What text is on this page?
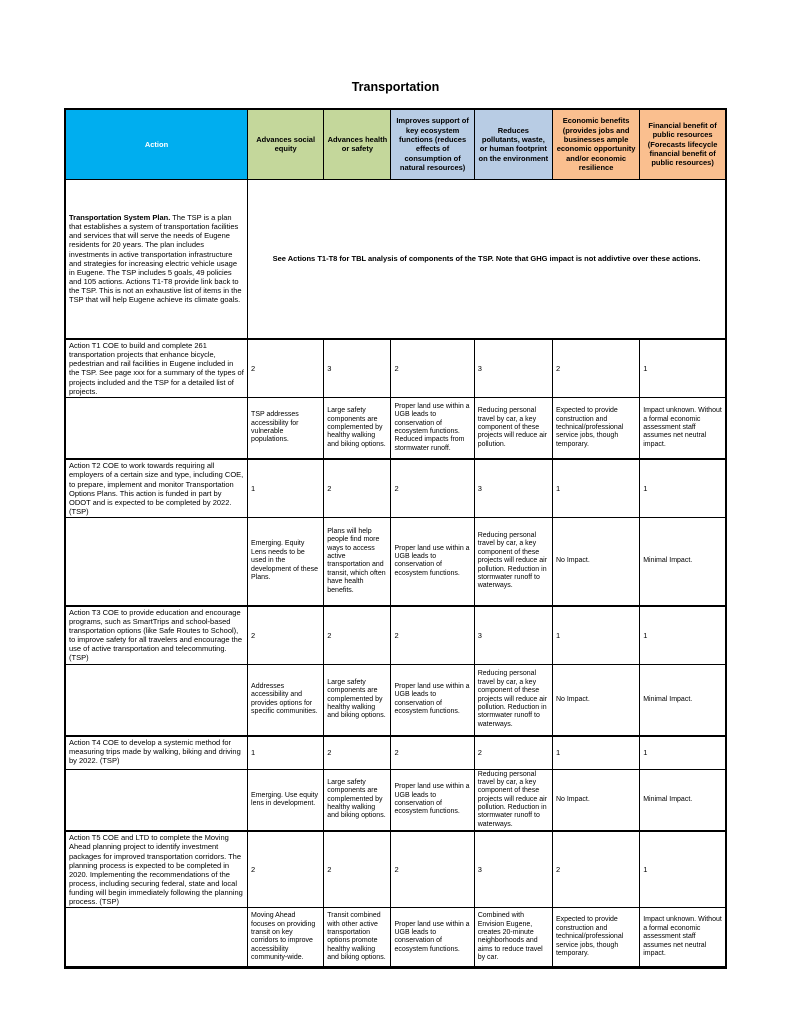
Transportation
Action	Advances social equity	Advances health or safety	Improves support of key ecosystem functions (reduces effects of consumption of natural resources)	Reduces pollutants, waste, or human footprint on the environment	Economic benefits (provides jobs and businesses ample economic opportunity and/or economic resilience	Financial benefit of public resources (Forecasts lifecycle financial benefit of public resources)
Transportation System Plan. The TSP is a plan that establishes a system of transportation facilities and services that will serve the needs of Eugene residents for 20 years. The plan includes investments in active transportation infrastructure and strategies for increasing electric vehicle usage in Eugene. The TSP includes 5 goals, 49 policies and 105 actions. Actions T1-T8 provide link back to the TSP. This is not an exhaustive list of items in the TSP that will help Eugene achieve its climate goals.	See Actions T1-T8 for TBL analysis of components of the TSP. Note that GHG impact is not addivtive over these actions.					
Action T1 COE to build and complete 261 transportation projects that enhance bicycle, pedestrian and rail facilities in Eugene included in the TSP. See page xxx for a summary of the types of projects included and the TSP for a detailed list of projects.	2	3	2	3	2	1
	TSP addresses accessibility for vulnerable populations.	Large safety components are complemented by healthy walking and biking options.	Proper land use within a UGB leads to conservation of ecosystem functions. Reduced impacts from stormwater runoff.	Reducing personal travel by car, a key component of these projects will reduce air pollution.	Expected to provide construction and technical/professional service jobs, though temporary.	Impact unknown. Without a formal economic assessment staff assumes net neutral impact.
Action T2 COE to work towards requiring all employers of a certain size and type, including COE, to prepare, implement and monitor Transportation Options Plans. This action is funded in part by ODOT and is expected to be completed by 2022. (TSP)	1	2	2	3	1	1
	Emerging. Equity Lens needs to be used in the development of these Plans.	Plans will help people find more ways to access active transportation and transit, which often have health benefits.	Proper land use within a UGB leads to conservation of ecosystem functions.	Reducing personal travel by car, a key component of these projects will reduce air pollution. Reduction in stormwater runoff to waterways.	No Impact.	Minimal Impact.
Action T3 COE to provide education and encourage programs, such as SmartTrips and school-based transportation options (like Safe Routes to School), to improve safety for all travelers and encourage the use of active transportation and telecommuting. (TSP)	2	2	2	3	1	1
	Addresses accessibility and provides options for specific communities.	Large safety components are complemented by healthy walking and biking options.	Proper land use within a UGB leads to conservation of ecosystem functions.	Reducing personal travel by car, a key component of these projects will reduce air pollution. Reduction in stormwater runoff to waterways.	No Impact.	Minimal Impact.
Action T4 COE to develop a systemic method for measuring trips made by walking, biking and driving by 2022. (TSP)	1	2	2	2	1	1
	Emerging. Use equity lens in development.	Large safety components are complemented by healthy walking and biking options.	Proper land use within a UGB leads to conservation of ecosystem functions.	Reducing personal travel by car, a key component of these projects will reduce air pollution. Reduction in stormwater runoff to waterways.	No Impact.	Minimal Impact.
Action T5 COE and LTD to complete the Moving Ahead planning project to identify investment packages for improved transportation corridors. The planning process is expected to be completed in 2020. Implementing the recommendations of the process, including securing federal, state and local funding will begin immediately following the planning process. (TSP)	2	2	2	3	2	1
	Moving Ahead focuses on providing transit on key corridors to improve accessibility community-wide.	Transit combined with other active transportation options promote healthy walking and biking options.	Proper land use within a UGB leads to conservation of ecosystem functions.	Combined with Envision Eugene, creates 20-minute neighborhoods and aims to reduce travel by car.	Expected to provide construction and technical/professional service jobs, though temporary.	Impact unknown. Without a formal economic assessment staff assumes net neutral impact.
